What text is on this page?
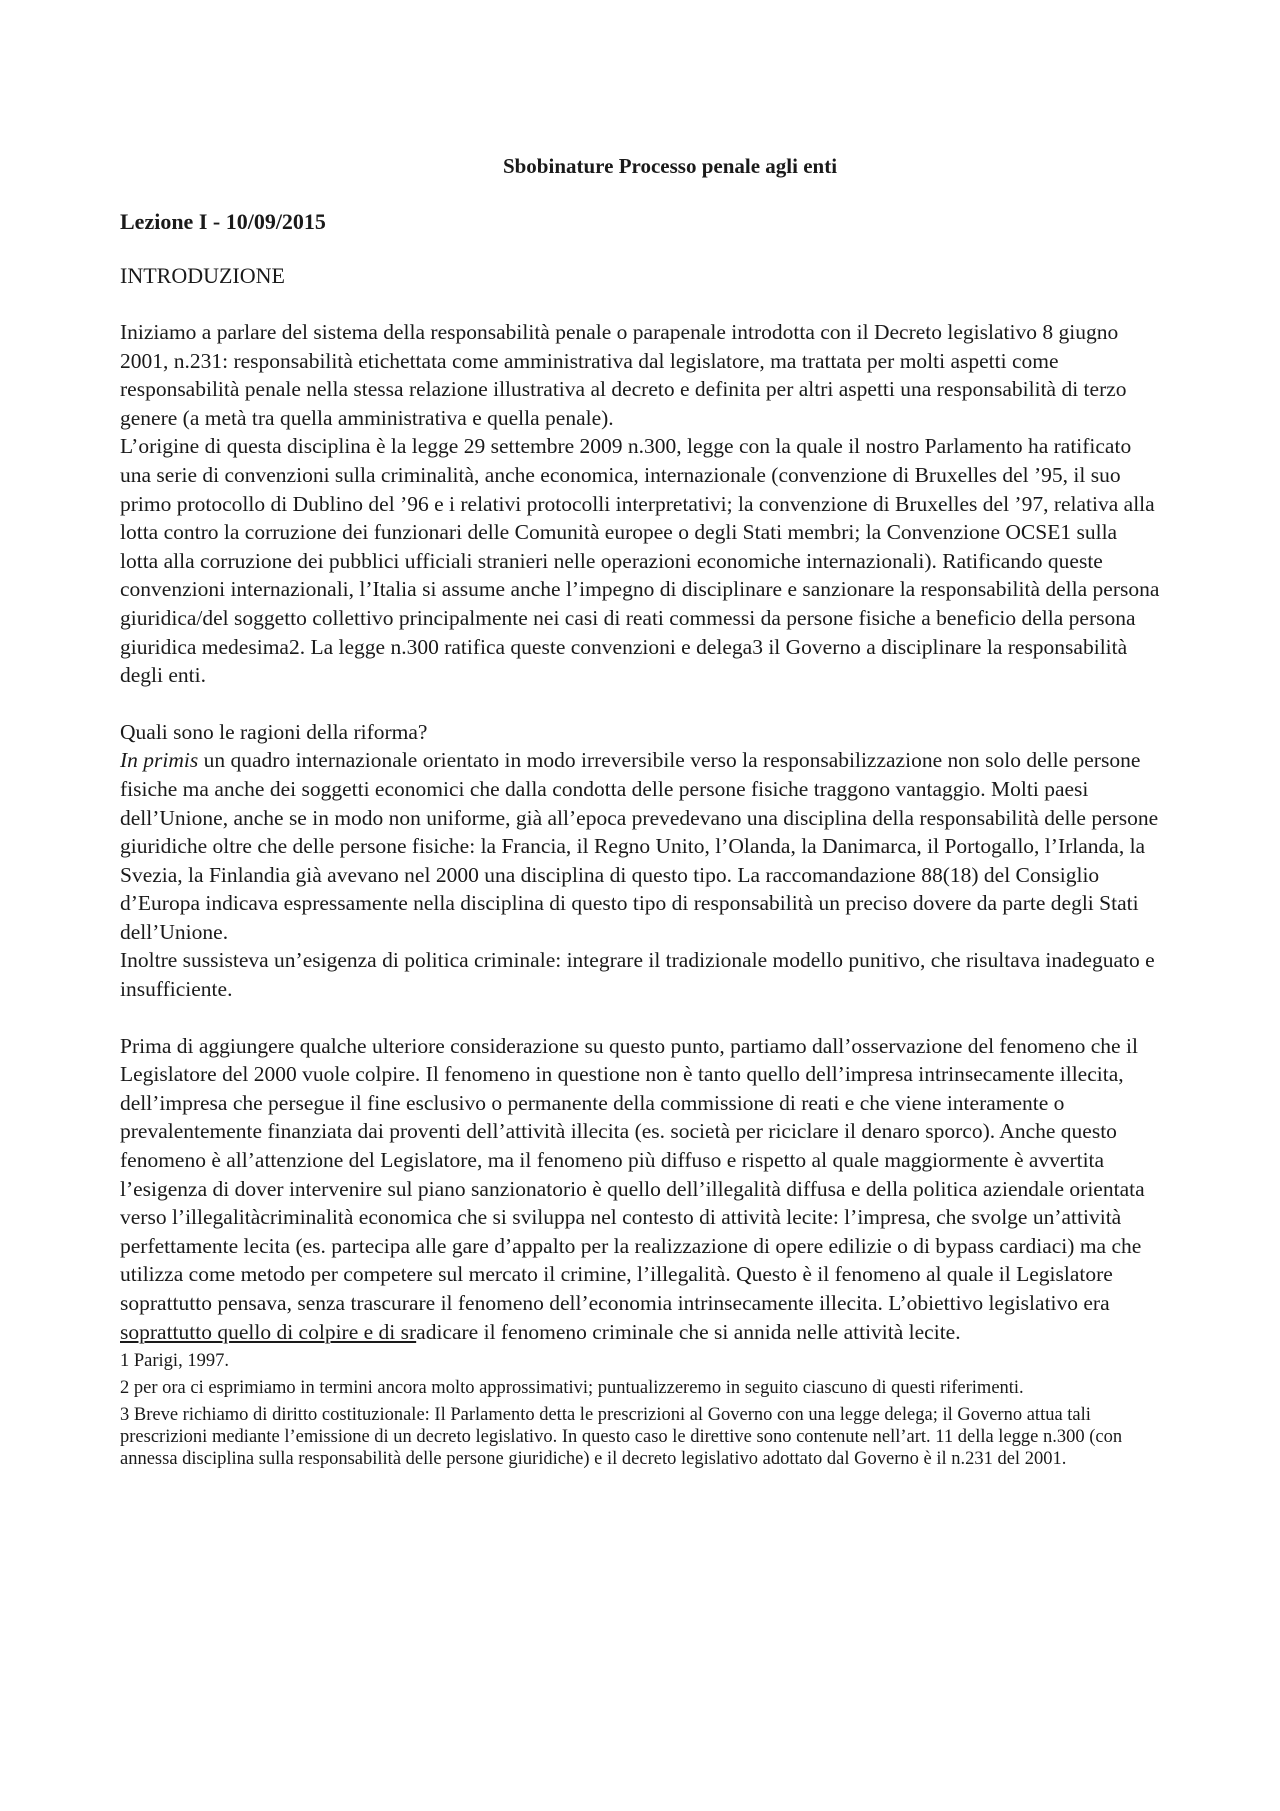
Sbobinature Processo penale agli enti
Lezione I - 10/09/2015
INTRODUZIONE

Iniziamo a parlare del sistema della responsabilità penale o parapenale introdotta con il Decreto legislativo 8 giugno 2001, n.231: responsabilità etichettata come amministrativa dal legislatore, ma trattata per molti aspetti come responsabilità penale nella stessa relazione illustrativa al decreto e definita per altri aspetti una responsabilità di terzo genere (a metà tra quella amministrativa e quella penale).

L’origine di questa disciplina è la legge 29 settembre 2009 n.300, legge con la quale il nostro Parlamento ha ratificato una serie di convenzioni sulla criminalità, anche economica, internazionale (convenzione di Bruxelles del ’95, il suo primo protocollo di Dublino del ’96 e i relativi protocolli interpretativi; la convenzione di Bruxelles del ’97, relativa alla lotta contro la corruzione dei funzionari delle Comunità europee o degli Stati membri; la Convenzione OCSE1 sulla lotta alla corruzione dei pubblici ufficiali stranieri nelle operazioni economiche internazionali). Ratificando queste convenzioni internazionali, l’Italia si assume anche l’impegno di disciplinare e sanzionare la responsabilità della persona giuridica/del soggetto collettivo principalmente nei casi di reati commessi da persone fisiche a beneficio della persona giuridica medesima2. La legge n.300 ratifica queste convenzioni e delega3 il Governo a disciplinare la responsabilità degli enti.

Quali sono le ragioni della riforma?

In primis un quadro internazionale orientato in modo irreversibile verso la responsabilizzazione non solo delle persone fisiche ma anche dei soggetti economici che dalla condotta delle persone fisiche traggono vantaggio. Molti paesi dell’Unione, anche se in modo non uniforme, già all’epoca prevedevano una disciplina della responsabilità delle persone giuridiche oltre che delle persone fisiche: la Francia, il Regno Unito, l’Olanda, la Danimarca, il Portogallo, l’Irlanda, la Svezia, la Finlandia già avevano nel 2000 una disciplina di questo tipo. La raccomandazione 88(18) del Consiglio d’Europa indicava espressamente nella disciplina di questo tipo di responsabilità un preciso dovere da parte degli Stati dell’Unione.

Inoltre sussisteva un’esigenza di politica criminale: integrare il tradizionale modello punitivo, che risultava inadeguato e insufficiente.

Prima di aggiungere qualche ulteriore considerazione su questo punto, partiamo dall’osservazione del fenomeno che il Legislatore del 2000 vuole colpire. Il fenomeno in questione non è tanto quello dell’impresa intrinsecamente illecita, dell’impresa che persegue il fine esclusivo o permanente della commissione di reati e che viene interamente o prevalentemente finanziata dai proventi dell’attività illecita (es. società per riciclare il denaro sporco). Anche questo fenomeno è all’attenzione del Legislatore, ma il fenomeno più diffuso e rispetto al quale maggiormente è avvertita l’esigenza di dover intervenire sul piano sanzionatorio è quello dell’illegalità diffusa e della politica aziendale orientata verso l’illegalitàcriminalità economica che si sviluppa nel contesto di attività lecite: l’impresa, che svolge un’attività perfettamente lecita (es. partecipa alle gare d’appalto per la realizzazione di opere edilizie o di bypass cardiaci) ma che utilizza come metodo per competere sul mercato il crimine, l’illegalità. Questo è il fenomeno al quale il Legislatore soprattutto pensava, senza trascurare il fenomeno dell’economia intrinsecamente illecita. L’obiettivo legislativo era soprattutto quello di colpire e di sradicare il fenomeno criminale che si annida nelle attività lecite.

1 Parigi, 1997.
2 per ora ci esprimiamo in termini ancora molto approssimativi; puntualizzeremo in seguito ciascuno di questi riferimenti.
3 Breve richiamo di diritto costituzionale: Il Parlamento detta le prescrizioni al Governo con una legge delega; il Governo attua tali prescrizioni mediante l’emissione di un decreto legislativo. In questo caso le direttive sono contenute nell’art. 11 della legge n.300 (con annessa disciplina sulla responsabilità delle persone giuridiche) e il decreto legislativo adottato dal Governo è il n.231 del 2001.
